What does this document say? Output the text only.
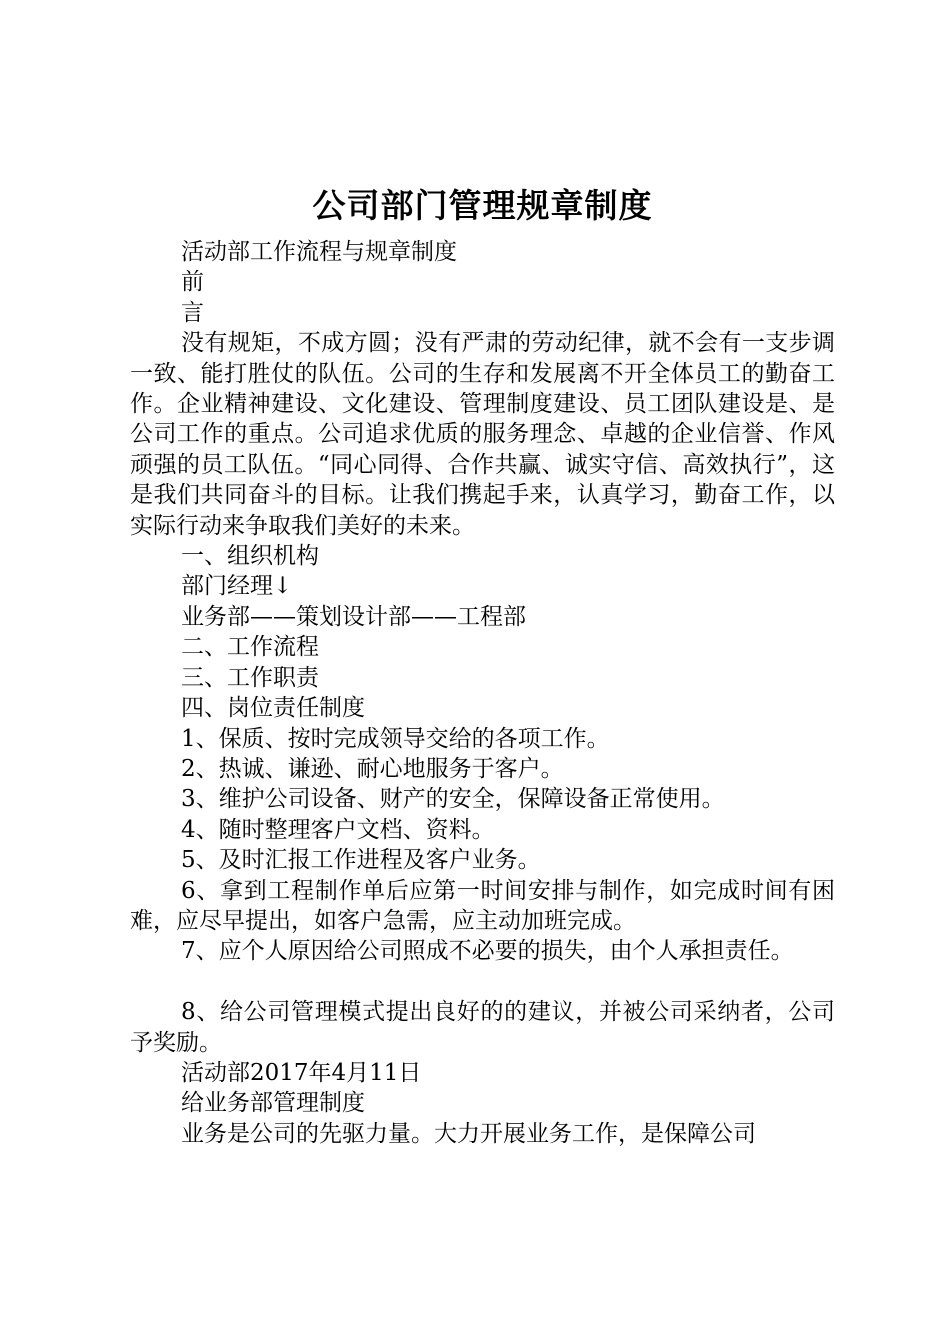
公司部门管理规章制度

活动部工作流程与规章制度

前

言

没有规矩，不成方圆；没有严肃的劳动纪律，就不会有一支步调一致、能打胜仗的队伍。公司的生存和发展离不开全体员工的勤奋工作。企业精神建设、文化建设、管理制度建设、员工团队建设是、是公司工作的重点。公司追求优质的服务理念、卓越的企业信誉、作风顽强的员工队伍。“同心同得、合作共赢、诚实守信、高效执行”，这是我们共同奋斗的目标。让我们携起手来，认真学习，勤奋工作，以实际行动来争取我们美好的未来。

一、组织机构

部门经理↓

业务部——策划设计部——工程部

二、工作流程

三、工作职责

四、岗位责任制度

1、保质、按时完成领导交给的各项工作。

2、热诚、谦逊、耐心地服务于客户。

3、维护公司设备、财产的安全，保障设备正常使用。

4、随时整理客户文档、资料。

5、及时汇报工作进程及客户业务。

6、拿到工程制作单后应第一时间安排与制作，如完成时间有困难，应尽早提出，如客户急需，应主动加班完成。

7、应个人原因给公司照成不必要的损失，由个人承担责任。

8、给公司管理模式提出良好的的建议，并被公司采纳者，公司予奖励。

活动部2017年4月11日

给业务部管理制度

业务是公司的先驱力量。大力开展业务工作，是保障公司
